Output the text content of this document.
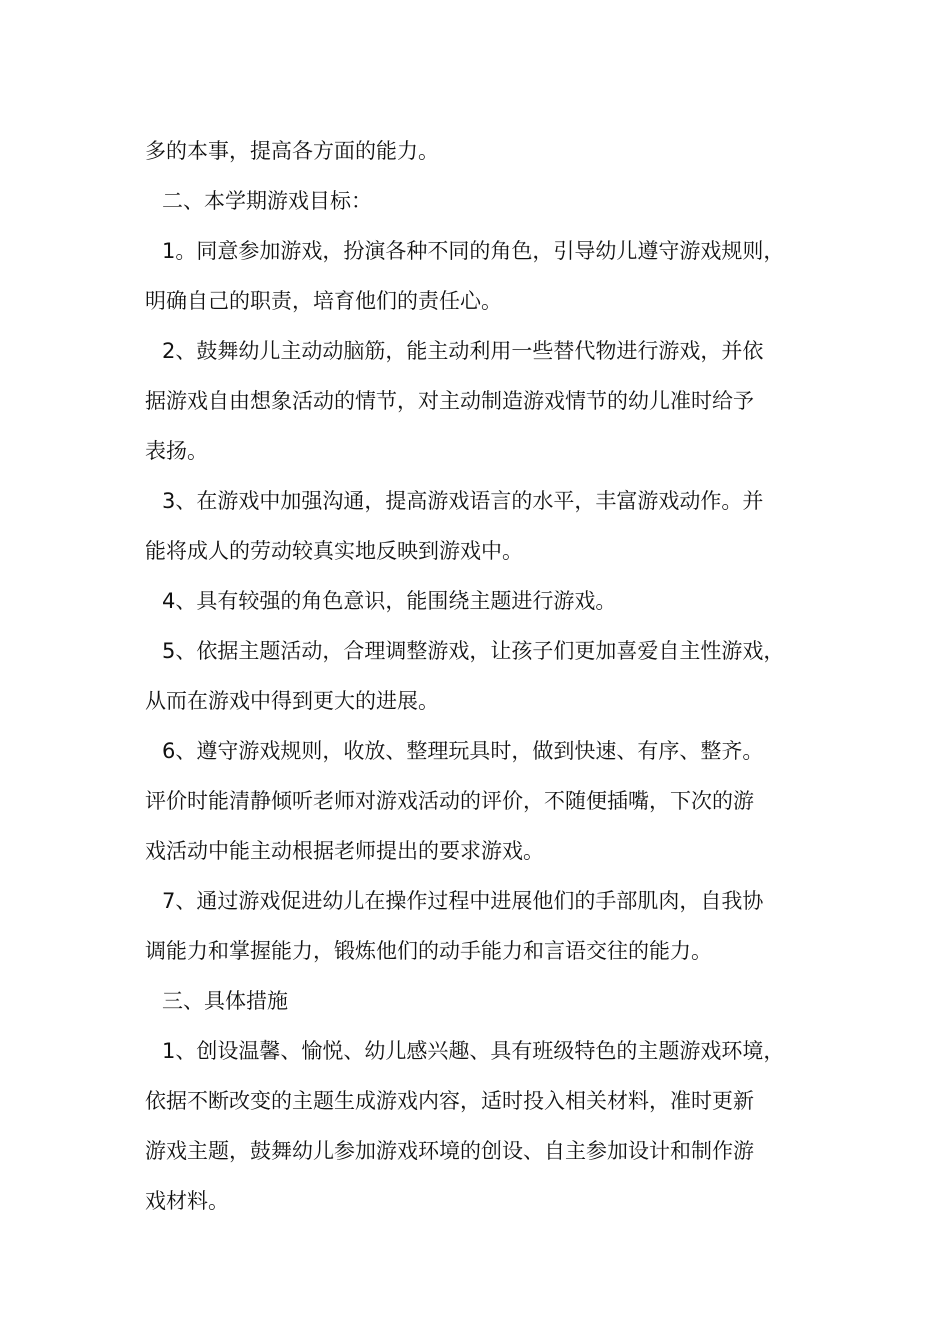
多的本事，提高各方面的能力。
二、本学期游戏目标：
1。同意参加游戏，扮演各种不同的角色，引导幼儿遵守游戏规则，
明确自己的职责，培育他们的责任心。
2、鼓舞幼儿主动动脑筋，能主动利用一些替代物进行游戏，并依
据游戏自由想象活动的情节，对主动制造游戏情节的幼儿准时给予
表扬。
3、在游戏中加强沟通，提高游戏语言的水平，丰富游戏动作。并
能将成人的劳动较真实地反映到游戏中。
4、具有较强的角色意识，能围绕主题进行游戏。
5、依据主题活动，合理调整游戏，让孩子们更加喜爱自主性游戏，
从而在游戏中得到更大的进展。
6、遵守游戏规则，收放、整理玩具时，做到快速、有序、整齐。
评价时能清静倾听老师对游戏活动的评价，不随便插嘴，下次的游
戏活动中能主动根据老师提出的要求游戏。
7、通过游戏促进幼儿在操作过程中进展他们的手部肌肉，自我协
调能力和掌握能力，锻炼他们的动手能力和言语交往的能力。
三、具体措施
1、创设温馨、愉悦、幼儿感兴趣、具有班级特色的主题游戏环境，
依据不断改变的主题生成游戏内容，适时投入相关材料，准时更新
游戏主题，鼓舞幼儿参加游戏环境的创设、自主参加设计和制作游
戏材料。
